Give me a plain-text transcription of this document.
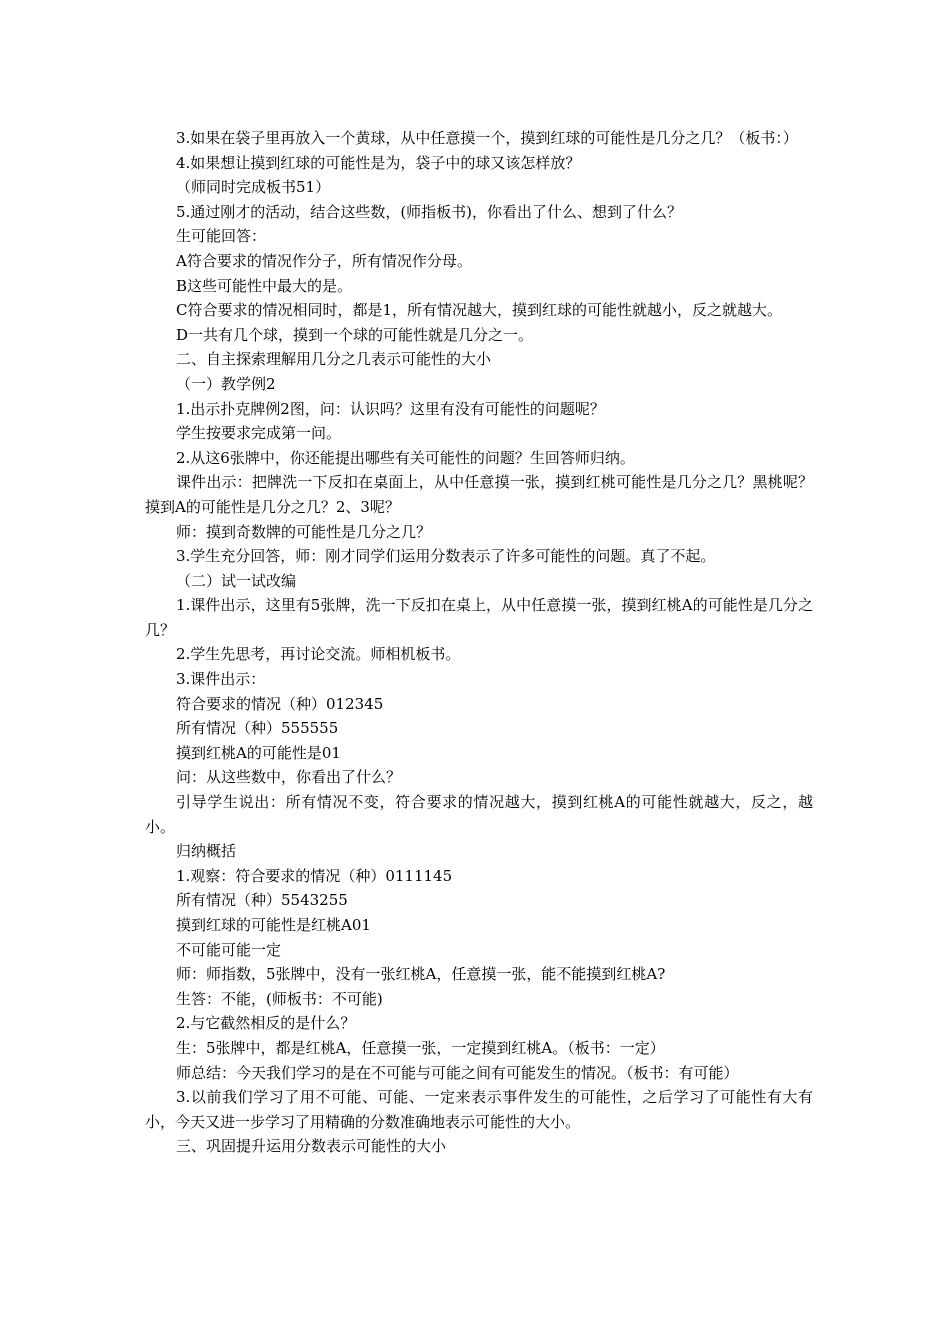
3.如果在袋子里再放入一个黄球，从中任意摸一个，摸到红球的可能性是几分之几？（板书：）

4.如果想让摸到红球的可能性是为，袋子中的球又该怎样放？

（师同时完成板书51）

5.通过刚才的活动，结合这些数，(师指板书)，你看出了什么、想到了什么？

生可能回答：

A符合要求的情况作分子，所有情况作分母。

B这些可能性中最大的是。

C符合要求的情况相同时，都是1，所有情况越大，摸到红球的可能性就越小，反之就越大。

D一共有几个球，摸到一个球的可能性就是几分之一。

二、自主探索理解用几分之几表示可能性的大小

（一）教学例2

1.出示扑克牌例2图，问：认识吗？这里有没有可能性的问题呢？

学生按要求完成第一问。

2.从这6张牌中，你还能提出哪些有关可能性的问题？生回答师归纳。

课件出示：把牌洗一下反扣在桌面上，从中任意摸一张，摸到红桃可能性是几分之几？黑桃呢？摸到A的可能性是几分之几？2、3呢？

师：摸到奇数牌的可能性是几分之几？

3.学生充分回答，师：刚才同学们运用分数表示了许多可能性的问题。真了不起。

（二）试一试改编

1.课件出示，这里有5张牌，洗一下反扣在桌上，从中任意摸一张，摸到红桃A的可能性是几分之几？

2.学生先思考，再讨论交流。师相机板书。

3.课件出示：

符合要求的情况（种）012345

所有情况（种）555555

摸到红桃A的可能性是01

问：从这些数中，你看出了什么？

引导学生说出：所有情况不变，符合要求的情况越大，摸到红桃A的可能性就越大，反之，越小。

归纳概括

1.观察：符合要求的情况（种）0111145

所有情况（种）5543255

摸到红球的可能性是红桃A01

不可能可能一定

师：师指数，5张牌中，没有一张红桃A，任意摸一张，能不能摸到红桃A?

生答：不能，(师板书：不可能)

2.与它截然相反的是什么？

生：5张牌中，都是红桃A，任意摸一张，一定摸到红桃A。（板书：一定）

师总结：今天我们学习的是在不可能与可能之间有可能发生的情况。（板书：有可能）

3.以前我们学习了用不可能、可能、一定来表示事件发生的可能性，之后学习了可能性有大有小，今天又进一步学习了用精确的分数准确地表示可能性的大小。

三、巩固提升运用分数表示可能性的大小
